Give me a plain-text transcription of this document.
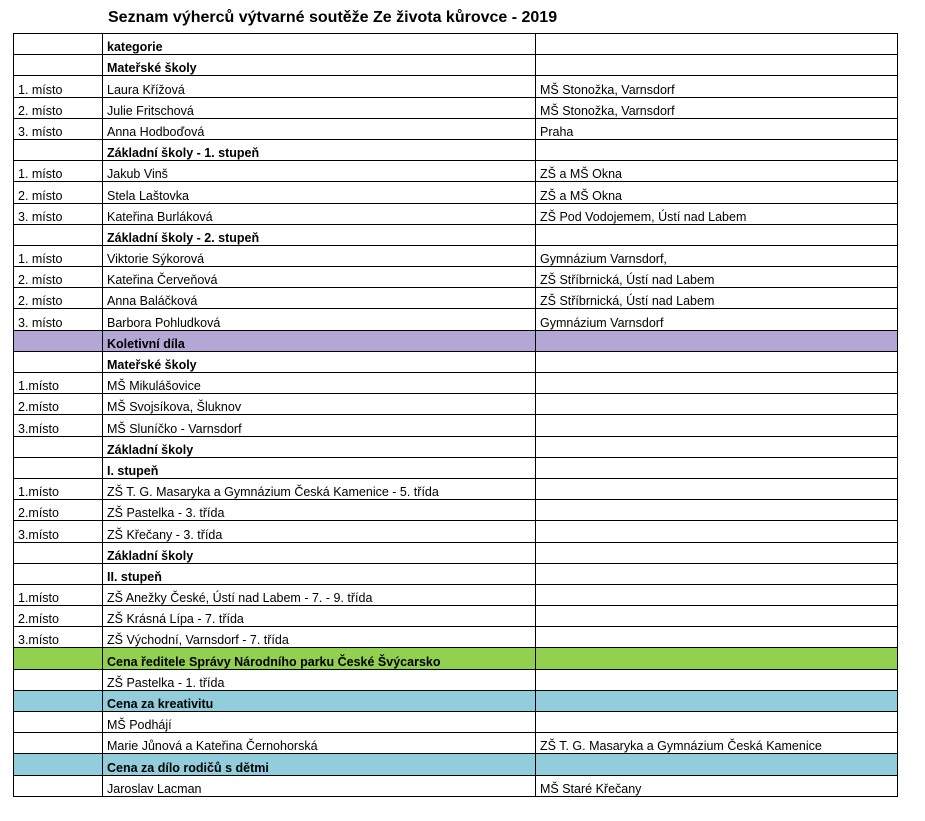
Seznam výherců výtvarné soutěže Ze života kůrovce - 2019
	kategorie	
	Mateřské školy	
1. místo	Laura Křížová	MŠ Stonožka, Varnsdorf
2. místo	Julie Fritschová	MŠ Stonožka, Varnsdorf
3. místo	Anna Hodboďová	Praha
	Základní školy - 1. stupeň	
1. místo	Jakub Vinš	ZŠ a MŠ Okna
2. místo	Stela Laštovka	ZŠ a MŠ Okna
3. místo	Kateřina Burláková	ZŠ Pod Vodojemem, Ústí nad Labem
	Základní školy - 2. stupeň	
1. místo	Viktorie Sýkorová	Gymnázium Varnsdorf,
2. místo	Kateřina Červeňová	ZŠ Stříbrnická, Ústí nad Labem
2. místo	Anna Baláčková	ZŠ Stříbrnická, Ústí nad Labem
3. místo	Barbora Pohludková	Gymnázium Varnsdorf
	Koletivní díla	
	Mateřské školy	
1.místo	MŠ Mikulášovice	
2.místo	MŠ Svojsíkova, Šluknov	
3.místo	MŠ Sluníčko - Varnsdorf	
	Základní školy	
	I. stupeň	
1.místo	ZŠ T. G. Masaryka a Gymnázium Česká Kamenice - 5. třída	
2.místo	ZŠ Pastelka - 3. třída	
3.místo	ZŠ Křečany - 3. třída	
	Základní školy	
	II. stupeň	
1.místo	ZŠ Anežky České, Ústí nad Labem - 7. - 9. třída	
2.místo	ZŠ Krásná Lípa - 7. třída	
3.místo	ZŠ Východní, Varnsdorf - 7. třída	
	Cena ředitele Správy Národního parku České Švýcarsko	
	ZŠ Pastelka - 1. třída	
	Cena za kreativitu	
	MŠ Podhájí	
	Marie Jůnová a Kateřina Černohorská	ZŠ T. G. Masaryka a Gymnázium Česká Kamenice
	Cena za dílo rodičů s dětmi	
	Jaroslav Lacman	MŠ Staré Křečany
